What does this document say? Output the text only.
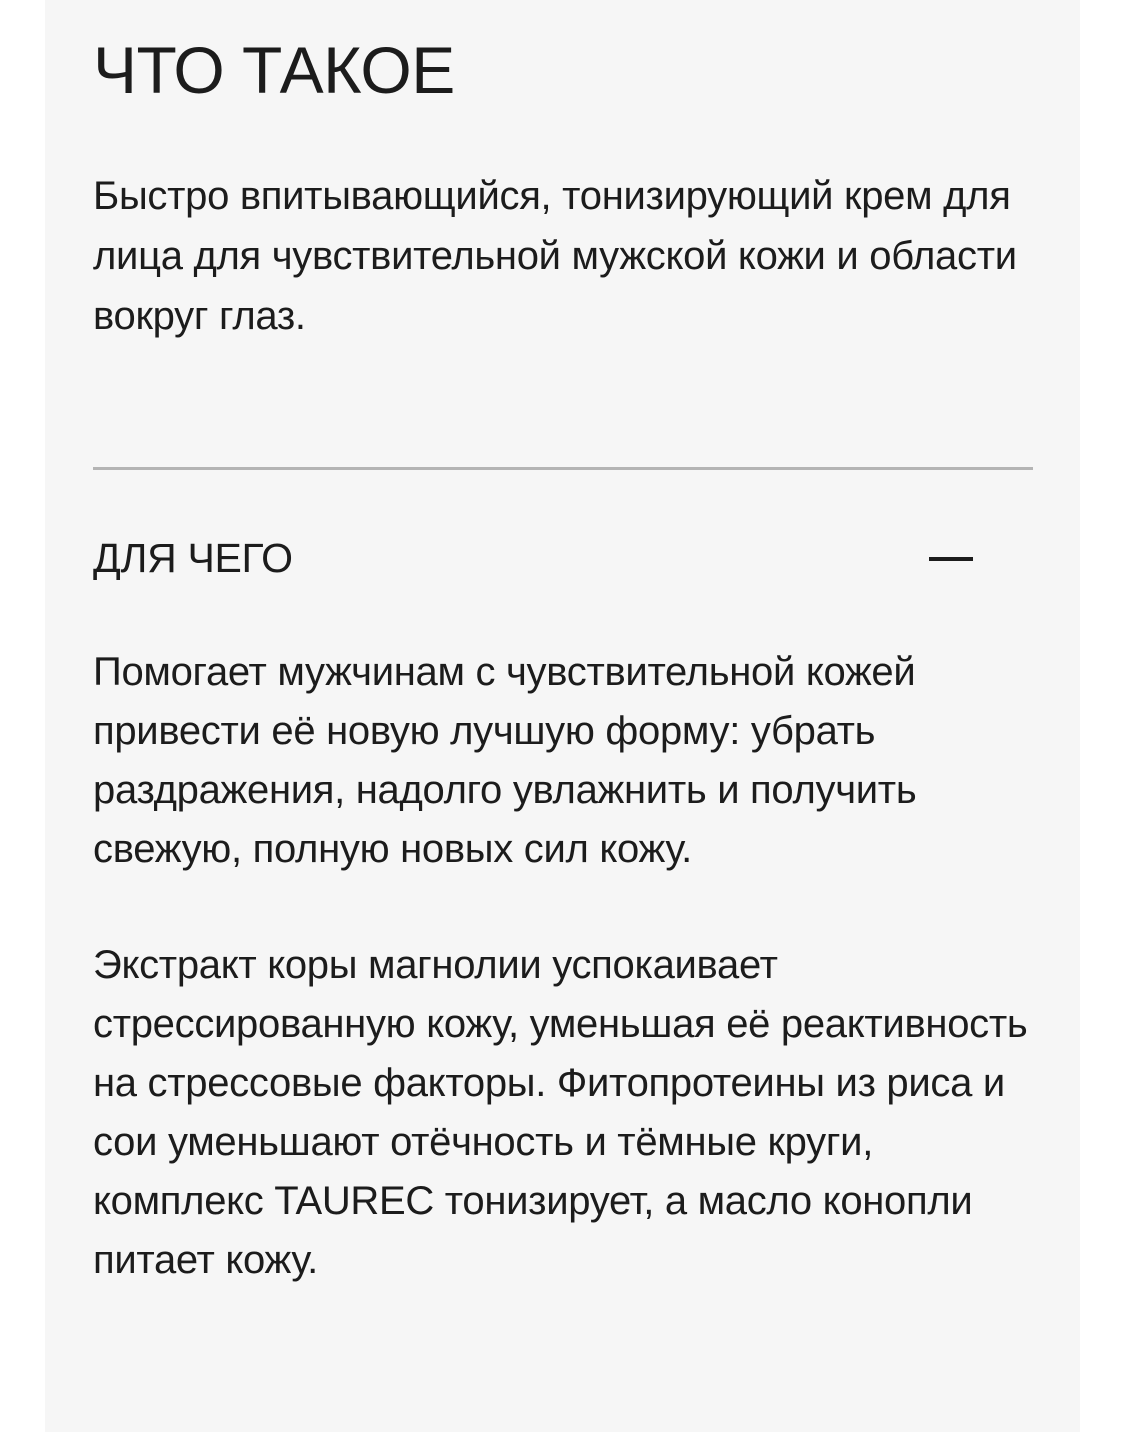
ЧТО ТАКОЕ

Быстро впитывающийся, тонизирующий крем для лица для чувствительной мужской кожи и области вокруг глаз.

ДЛЯ ЧЕГО

Помогает мужчинам с чувствительной кожей привести её новую лучшую форму: убрать раздражения, надолго увлажнить и получить свежую, полную новых сил кожу.

Экстракт коры магнолии успокаивает стрессированную кожу, уменьшая её реактивность на стрессовые факторы. Фитопротеины из риса и сои уменьшают отёчность и тёмные круги, комплекс TAUREC тонизирует, а масло конопли питает кожу.
